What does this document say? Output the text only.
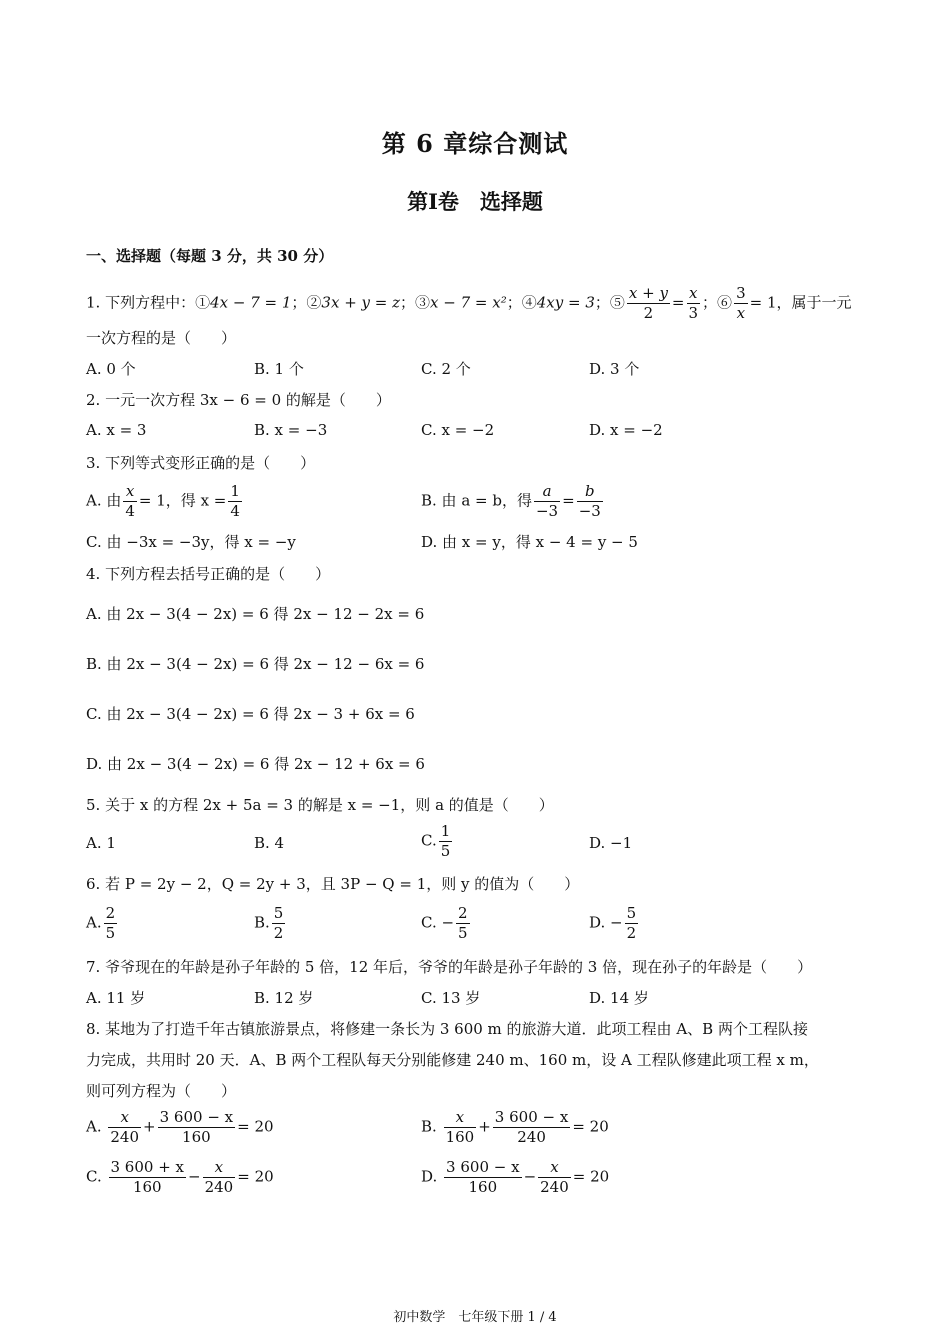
第 6 章综合测试
第Ⅰ卷　选择题
一、选择题（每题 3 分，共 30 分）
1. 下列方程中：①4x − 7 = 1；②3x + y = z；③x − 7 = x²；④4xy = 3；⑤ $\frac{x + y}{2} = \frac{x}{3}$ ；⑥ $\frac{3}{x} = 1$，属于一元
一次方程的是（　　）
A. 0 个	B. 1 个	C. 2 个	D. 3 个
2. 一元一次方程 3x − 6 = 0 的解是（　　）
A. x = 3	B. x = −3	C. x = −2	D. x = −2
3. 下列等式变形正确的是（　　）
A. 由 $\frac{x}{4} = 1$，得 $x = \frac{1}{4}$	B. 由 a = b，得 $\frac{a}{-3} = \frac{b}{-3}$
C. 由 −3x = −3y，得 x = −y	D. 由 x = y，得 x − 4 = y − 5
4. 下列方程去括号正确的是（　　）
A. 由 2x − 3(4 − 2x) = 6 得 2x − 12 − 2x = 6
B. 由 2x − 3(4 − 2x) = 6 得 2x − 12 − 6x = 6
C. 由 2x − 3(4 − 2x) = 6 得 2x − 3 + 6x = 6
D. 由 2x − 3(4 − 2x) = 6 得 2x − 12 + 6x = 6
5. 关于 x 的方程 2x + 5a = 3 的解是 x = −1，则 a 的值是（　　）
A. 1	B. 4	C. $\frac{1}{5}$	D. −1
6. 若 P = 2y − 2，Q = 2y + 3，且 3P − Q = 1，则 y 的值为（　　）
A. $\frac{2}{5}$	B. $\frac{5}{2}$	C. − $\frac{2}{5}$	D. − $\frac{5}{2}$
7. 爷爷现在的年龄是孙子年龄的 5 倍，12 年后，爷爷的年龄是孙子年龄的 3 倍，现在孙子的年龄是（　　）
A. 11 岁	B. 12 岁	C. 13 岁	D. 14 岁
8. 某地为了打造千年古镇旅游景点，将修建一条长为 3 600 m 的旅游大道．此项工程由 A、B 两个工程队接
力完成，共用时 20 天．A、B 两个工程队每天分别能修建 240 m、160 m，设 A 工程队修建此项工程 x m，
则可列方程为（　　）
A. $\frac{x}{240} + \frac{3 600 - x}{160} = 20$	B. $\frac{x}{160} + \frac{3 600 - x}{240} = 20$
C. $\frac{3 600 + x}{160} - \frac{x}{240} = 20$	D. $\frac{3 600 - x}{160} - \frac{x}{240} = 20$
初中数学　七年级下册 1 / 4
